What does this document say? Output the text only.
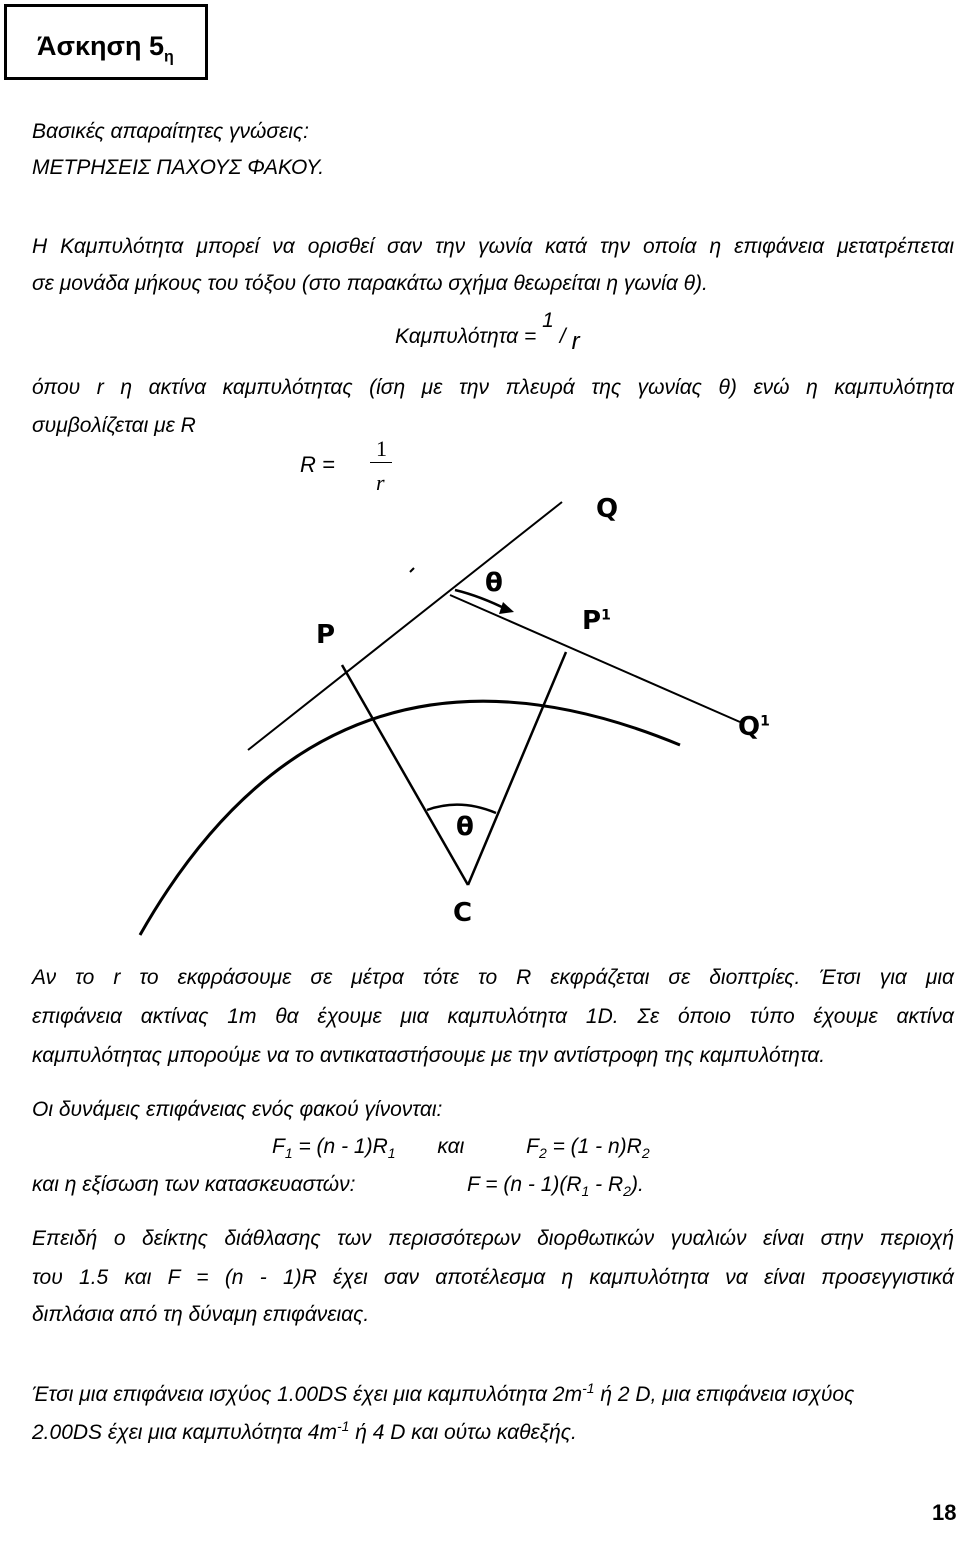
Άσκηση $5_\eta$
Βασικές απαραίτητες γνώσεις:
ΜΕΤΡΗΣΕΙΣ ΠΑΧΟΥΣ ΦΑΚΟΥ.
Η Καμπυλότητα μπορεί να ορισθεί σαν την γωνία κατά την οποία η επιφάνεια μετατρέπεται
σε μονάδα μήκους του τόξου (στο παρακάτω σχήμα θεωρείται η γωνία θ).
Καμπυλότητα = 1/ r
όπου r η ακτίνα καμπυλότητας (ίση με την πλευρά της γωνίας θ) ενώ η καμπυλότητα
συμβολίζεται με R
R =
1
r
Q
θ
P	$P^1$
$Q^1$
θ
C
Αν το r το εκφράσουμε σε μέτρα τότε το R εκφράζεται σε διοπτρίες. Έτσι για μια
επιφάνεια ακτίνας 1m θα έχουμε μια καμπυλότητα 1D. Σε όποιο τύπο έχουμε ακτίνα
καμπυλότητας μπορούμε να το αντικαταστήσουμε με την αντίστροφη της καμπυλότητα.
Οι δυνάμεις επιφάνειας ενός φακού γίνονται:
$F_1 = (n - 1)R_1$ και	$F_2 = (1 - n)R_2$
και η εξίσωση των κατασκευαστών:	$F = (n - 1)(R_1 - R_2)$.
Επειδή ο δείκτης διάθλασης των περισσότερων διορθωτικών γυαλιών είναι στην περιοχή
του 1.5 και F = (n - 1)R έχει σαν αποτέλεσμα η καμπυλότητα να είναι προσεγγιστικά
διπλάσια από τη δύναμη επιφάνειας.
Έτσι μια επιφάνεια ισχύος 1.00DS έχει μια καμπυλότητα $2m^{-1}$ ή 2 D, μια επιφάνεια ισχύος
2.00DS έχει μια καμπυλότητα $4m^{-1}$ ή 4 D και ούτω καθεξής.
18
